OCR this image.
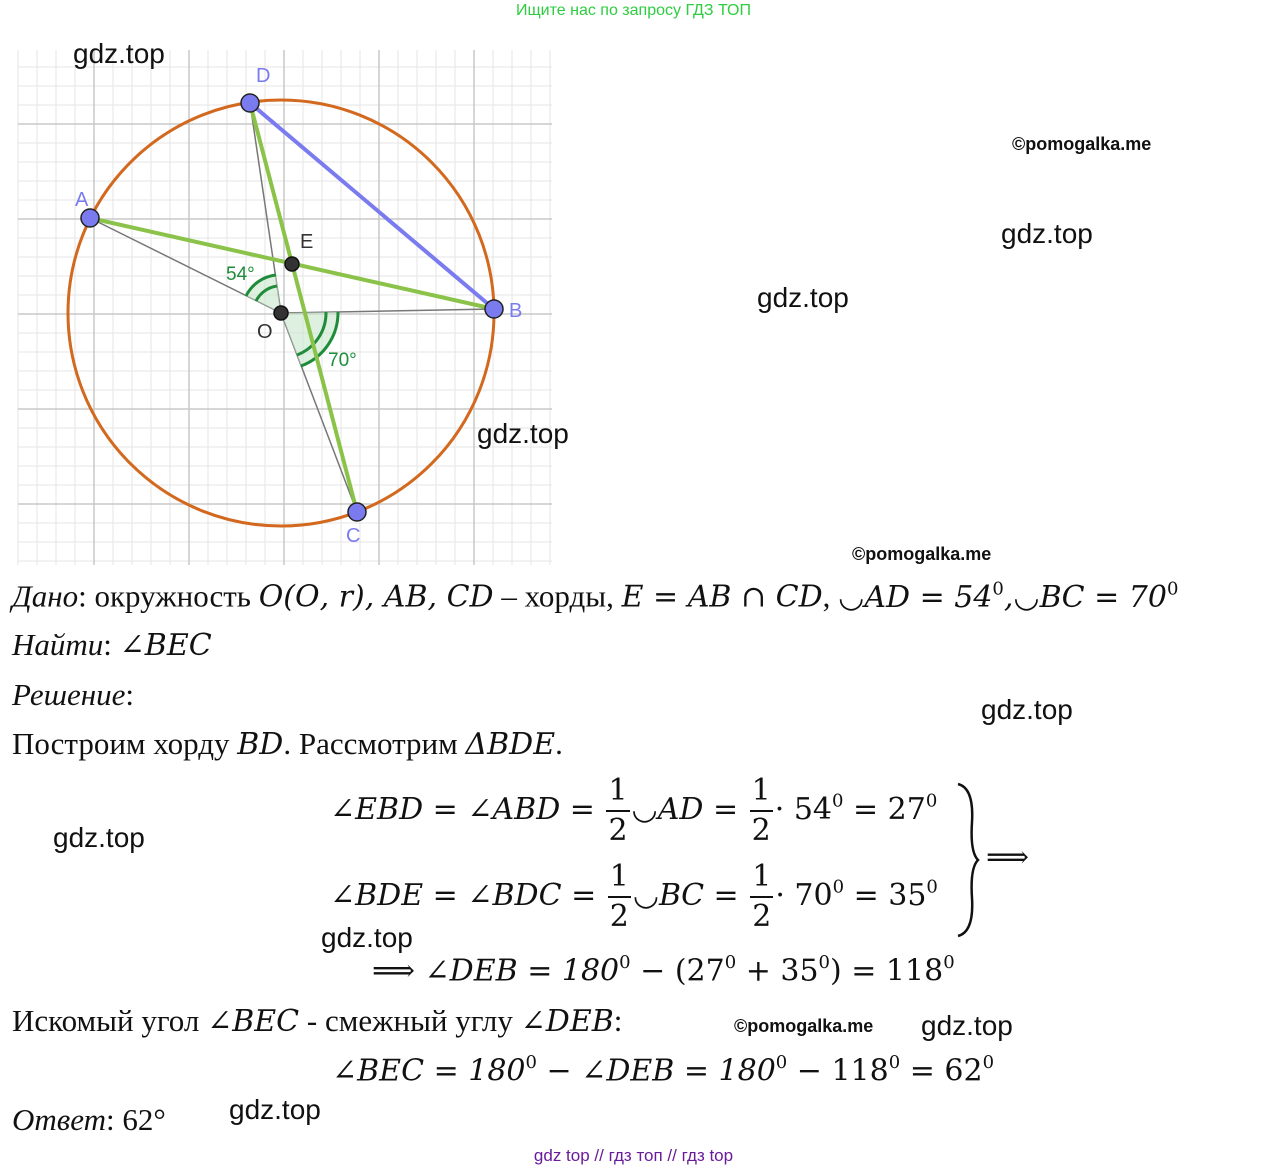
Ищите нас по запросу ГДЗ ТОП
A
B
C
D
E
O
54°
70°
gdz.top
gdz.top
gdz.top
gdz.top
gdz.top
gdz.top
gdz.top
gdz.top
gdz.top
©pomogalka.me
©pomogalka.me
©pomogalka.me
Дано: окружность 𝑂(𝑂, 𝑟), 𝐴𝐵, 𝐶𝐷 – хорды, 𝐸 = 𝐴𝐵 ∩ 𝐶𝐷, ◡𝐴𝐷 = $54^0,◡𝐵𝐶 = 70^0$
Найти: ∠𝐵𝐸𝐶
Решение:
Построим хорду 𝐵𝐷. Рассмотрим Δ𝐵𝐷𝐸.
∠𝐸𝐵𝐷 = ∠𝐴𝐵𝐷 = $\frac{1}{2}$ ◡𝐴𝐷 = $\frac{1}{2} \cdot 54^0 = 27^0$
∠𝐵𝐷𝐸 = ∠𝐵𝐷𝐶 = $\frac{1}{2}$ ◡𝐵𝐶 = $\frac{1}{2} \cdot 70^0 = 35^0$
⟹
⟹ ∠𝐷𝐸𝐵 = $180^0 - (27^0 + 35^0) = 118^0$
Искомый угол ∠𝐵𝐸𝐶 - смежный углу ∠𝐷𝐸𝐵:
∠𝐵𝐸𝐶 = $180^0$ − ∠𝐷𝐸𝐵 = $180^0 - 118^0 = 62^0$
Ответ: 62°
gdz top // гдз топ // гдз top
